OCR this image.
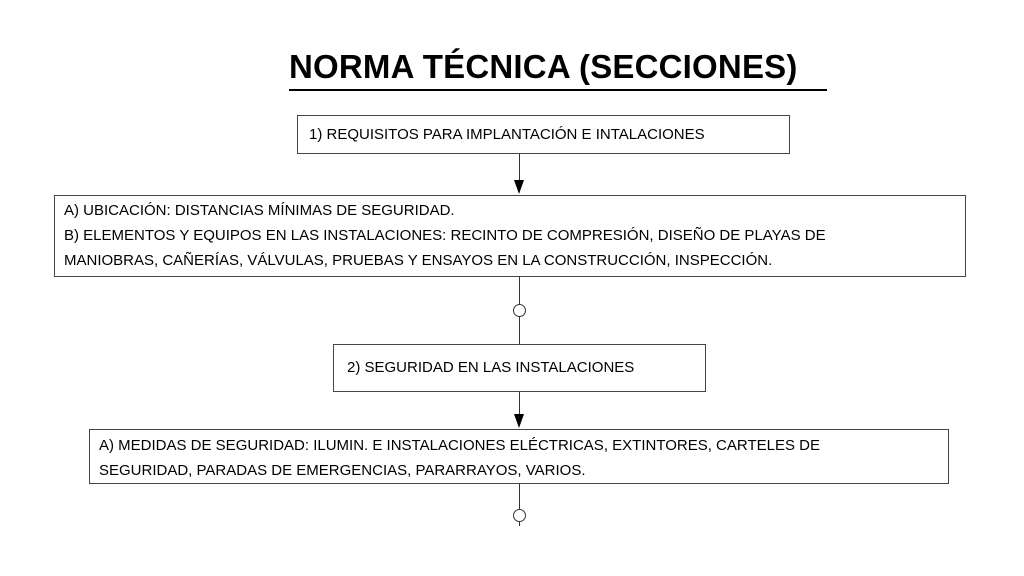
NORMA TÉCNICA (SECCIONES)
1) REQUISITOS PARA IMPLANTACIÓN E INTALACIONES
A) UBICACIÓN: DISTANCIAS MÍNIMAS DE SEGURIDAD.
B) ELEMENTOS Y EQUIPOS EN LAS INSTALACIONES: RECINTO DE COMPRESIÓN, DISEÑO DE PLAYAS DE
MANIOBRAS, CAÑERÍAS, VÁLVULAS, PRUEBAS Y ENSAYOS EN LA CONSTRUCCIÓN, INSPECCIÓN.
2) SEGURIDAD EN LAS INSTALACIONES
A) MEDIDAS DE SEGURIDAD: ILUMIN. E INSTALACIONES ELÉCTRICAS, EXTINTORES, CARTELES DE
SEGURIDAD, PARADAS DE EMERGENCIAS, PARARRAYOS, VARIOS.
